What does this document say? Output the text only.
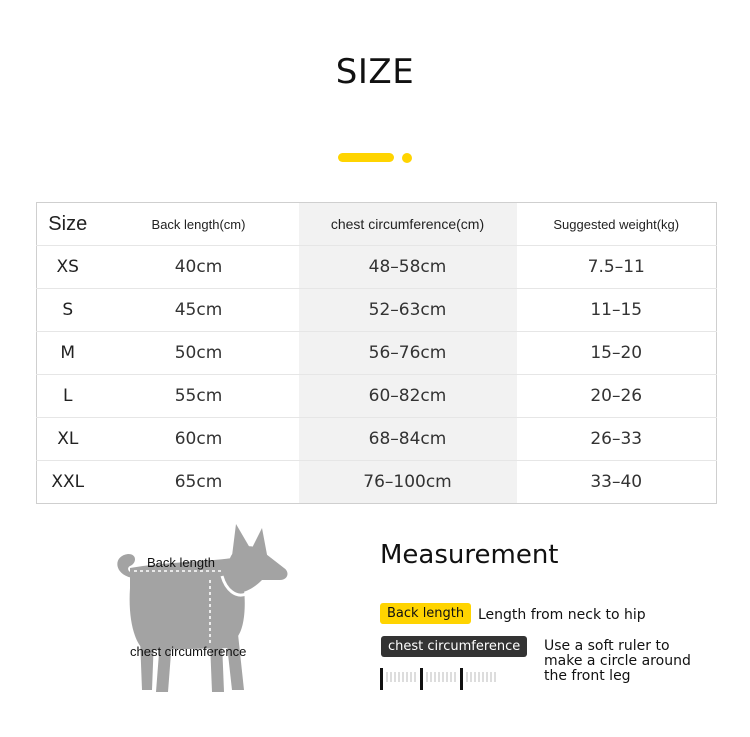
SIZE
Size	Back length(cm)	chest circumference(cm)	Suggested weight(kg)
XS	40cm	48–58cm	7.5–11
S	45cm	52–63cm	11–15
M	50cm	56–76cm	15–20
L	55cm	60–82cm	20–26
XL	60cm	68–84cm	26–33
XXL	65cm	76–100cm	33–40
Back length
chest circumference
Measurement
Back length Length from neck to hip
chest circumference	Use a soft ruler to
make a circle around
the front leg
